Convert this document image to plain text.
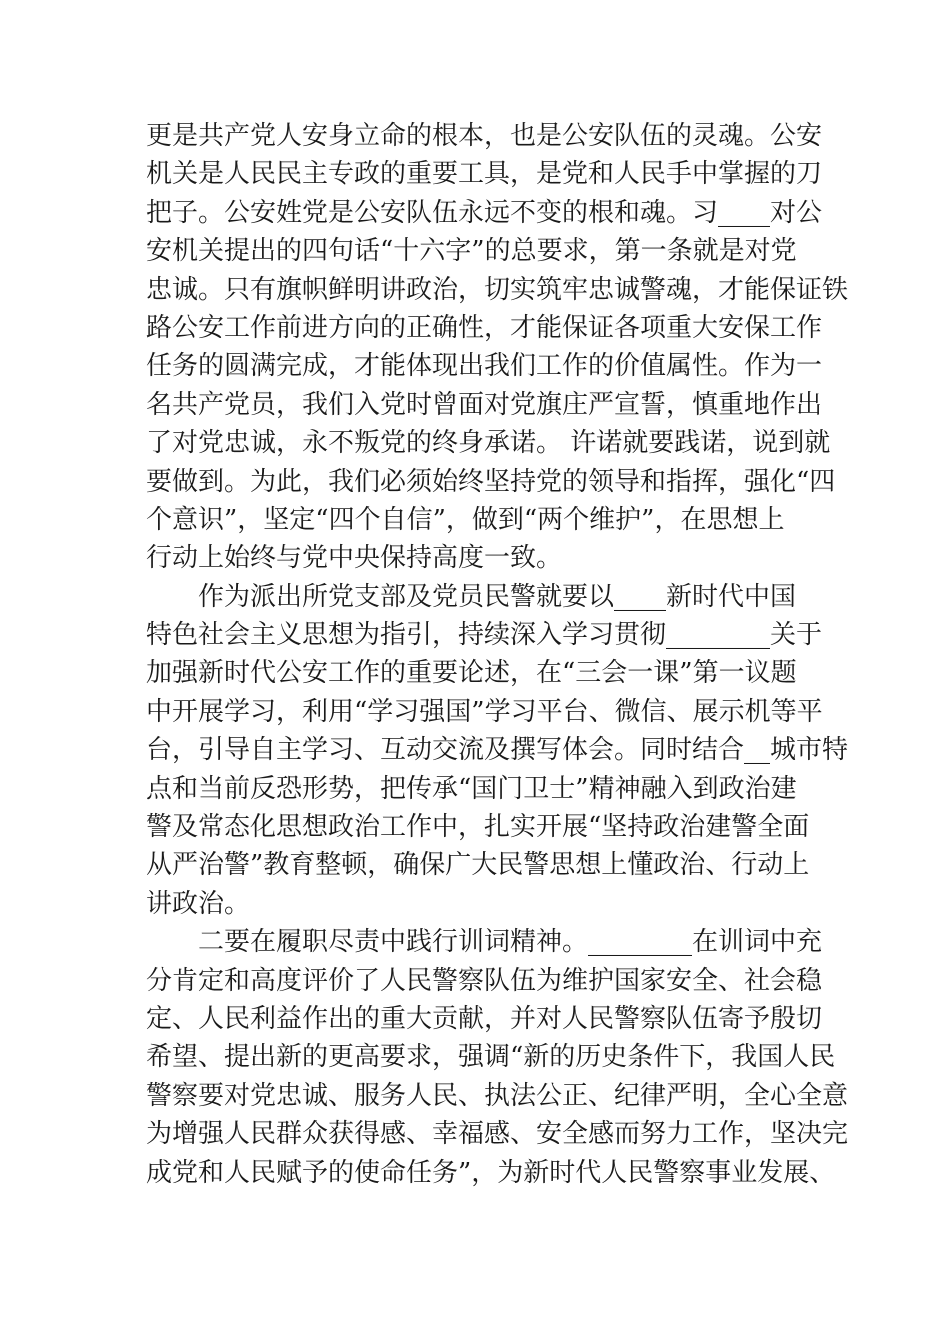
更是共产党人安身立命的根本，也是公安队伍的灵魂。公安
机关是人民民主专政的重要工具，是党和人民手中掌握的刀
把子。公安姓党是公安队伍永远不变的根和魂。习____对公
安机关提出的四句话“十六字”的总要求，第一条就是对党
忠诚。只有旗帜鲜明讲政治，切实筑牢忠诚警魂，才能保证铁
路公安工作前进方向的正确性，才能保证各项重大安保工作
任务的圆满完成，才能体现出我们工作的价值属性。作为一
名共产党员，我们入党时曾面对党旗庄严宣誓，慎重地作出
了对党忠诚，永不叛党的终身承诺。 许诺就要践诺，说到就
要做到。为此，我们必须始终坚持党的领导和指挥，强化“四
个意识”，坚定“四个自信”，做到“两个维护”，在思想上
行动上始终与党中央保持高度一致。
作为派出所党支部及党员民警就要以____新时代中国
特色社会主义思想为指引，持续深入学习贯彻________关于
加强新时代公安工作的重要论述，在“三会一课”第一议题
中开展学习，利用“学习强国”学习平台、微信、展示机等平
台，引导自主学习、互动交流及撰写体会。同时结合__城市特
点和当前反恐形势，把传承“国门卫士”精神融入到政治建
警及常态化思想政治工作中，扎实开展“坚持政治建警全面
从严治警”教育整顿，确保广大民警思想上懂政治、行动上
讲政治。
二要在履职尽责中践行训词精神。________在训词中充
分肯定和高度评价了人民警察队伍为维护国家安全、社会稳
定、人民利益作出的重大贡献，并对人民警察队伍寄予殷切
希望、提出新的更高要求，强调“新的历史条件下，我国人民
警察要对党忠诚、服务人民、执法公正、纪律严明，全心全意
为增强人民群众获得感、幸福感、安全感而努力工作，坚决完
成党和人民赋予的使命任务”，为新时代人民警察事业发展、
